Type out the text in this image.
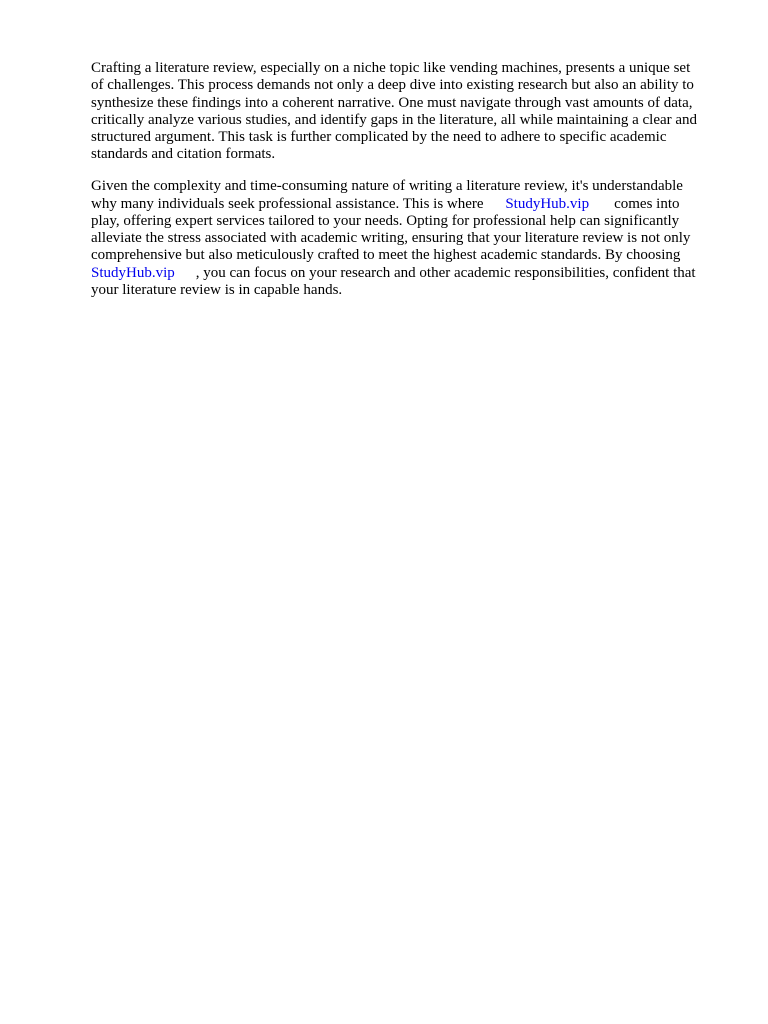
Crafting a literature review, especially on a niche topic like vending machines, presents a unique set
of challenges. This process demands not only a deep dive into existing research but also an ability to
synthesize these findings into a coherent narrative. One must navigate through vast amounts of data,
critically analyze various studies, and identify gaps in the literature, all while maintaining a clear and
structured argument. This task is further complicated by the need to adhere to specific academic
standards and citation formats.
Given the complexity and time-consuming nature of writing a literature review, it's understandable
why many individuals seek professional assistance. This is where StudyHub.vip comes into
play, offering expert services tailored to your needs. Opting for professional help can significantly
alleviate the stress associated with academic writing, ensuring that your literature review is not only
comprehensive but also meticulously crafted to meet the highest academic standards. By choosing
StudyHub.vip , you can focus on your research and other academic responsibilities, confident that
your literature review is in capable hands.
